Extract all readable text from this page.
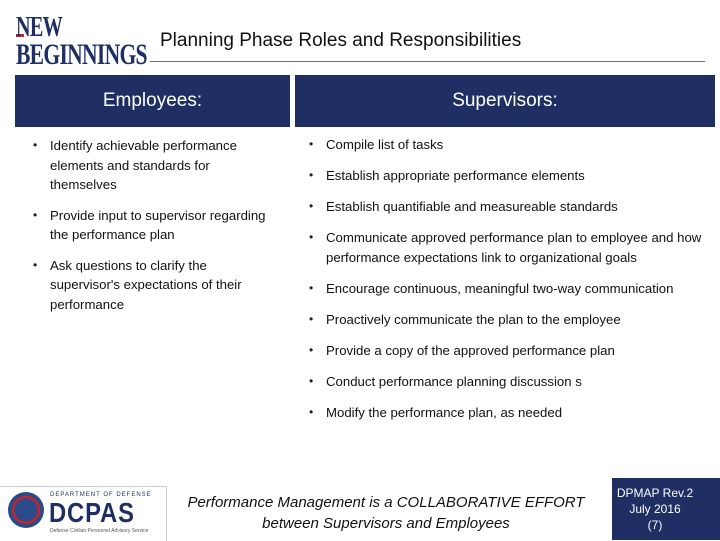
NEW
BEGINNINGS Planning Phase Roles and Responsibilities
Employees:	Supervisors:
• Identify achievable performance elements and standards for themselves
• Provide input to supervisor regarding the performance plan
• Ask questions to clarify the supervisor's expectations of their performance
• Compile list of tasks
• Establish appropriate performance elements
• Establish quantifiable and measureable standards
• Communicate approved performance plan to employee and how performance expectations link to organizational goals
• Encourage continuous, meaningful two-way communication
• Proactively communicate the plan to the employee
• Provide a copy of the approved performance plan
• Conduct performance planning discussion s
• Modify the performance plan, as needed
DEPARTMENT OF DEFENSE
DCPAS
Defense Civilian Personnel Advisory Service
Performance Management is a COLLABORATIVE EFFORT
between Supervisors and Employees
DPMAP Rev.2
July 2016
(7)
